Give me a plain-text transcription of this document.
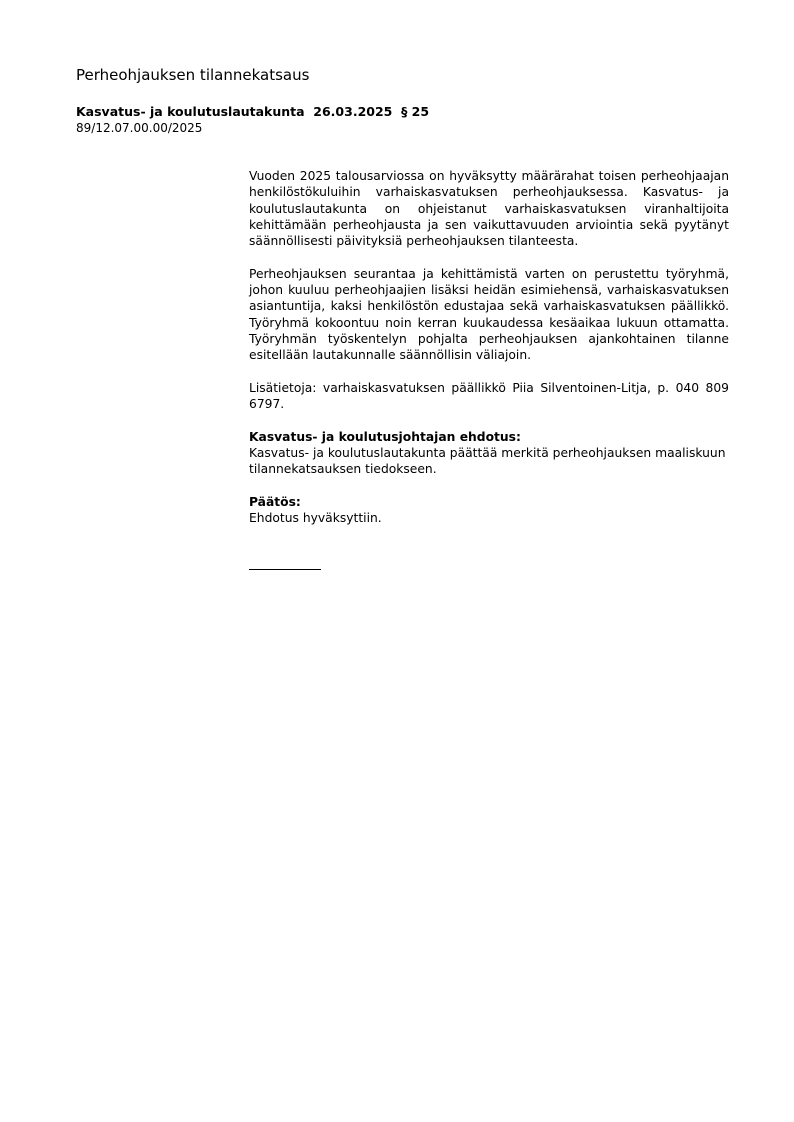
Perheohjauksen tilannekatsaus
Kasvatus- ja koulutuslautakunta  26.03.2025  § 25
89/12.07.00.00/2025

Vuoden 2025 talousarviossa on hyväksytty määrärahat toisen perheohjaajan henkilöstökuluihin varhaiskasvatuksen perheohjauksessa. Kasvatus- ja koulutuslautakunta on ohjeistanut varhaiskasvatuksen viranhaltijoita kehittämään perheohjausta ja sen vaikuttavuuden arviointia sekä pyytänyt säännöllisesti päivityksiä perheohjauksen tilanteesta.

Perheohjauksen seurantaa ja kehittämistä varten on perustettu työryhmä, johon kuuluu perheohjaajien lisäksi heidän esimiehensä, varhaiskasvatuksen asiantuntija, kaksi henkilöstön edustajaa sekä varhaiskasvatuksen päällikkö. Työryhmä kokoontuu noin kerran kuukaudessa kesäaikaa lukuun ottamatta. Työryhmän työskentelyn pohjalta perheohjauksen ajankohtainen tilanne esitellään lautakunnalle säännöllisin väliajoin.

Lisätietoja: varhaiskasvatuksen päällikkö Piia Silventoinen-Litja, p. 040 809 6797.

Kasvatus- ja koulutusjohtajan ehdotus:
Kasvatus- ja koulutuslautakunta päättää merkitä perheohjauksen maaliskuun tilannekatsauksen tiedokseen.
Päätös:
Ehdotus hyväksyttiin.
